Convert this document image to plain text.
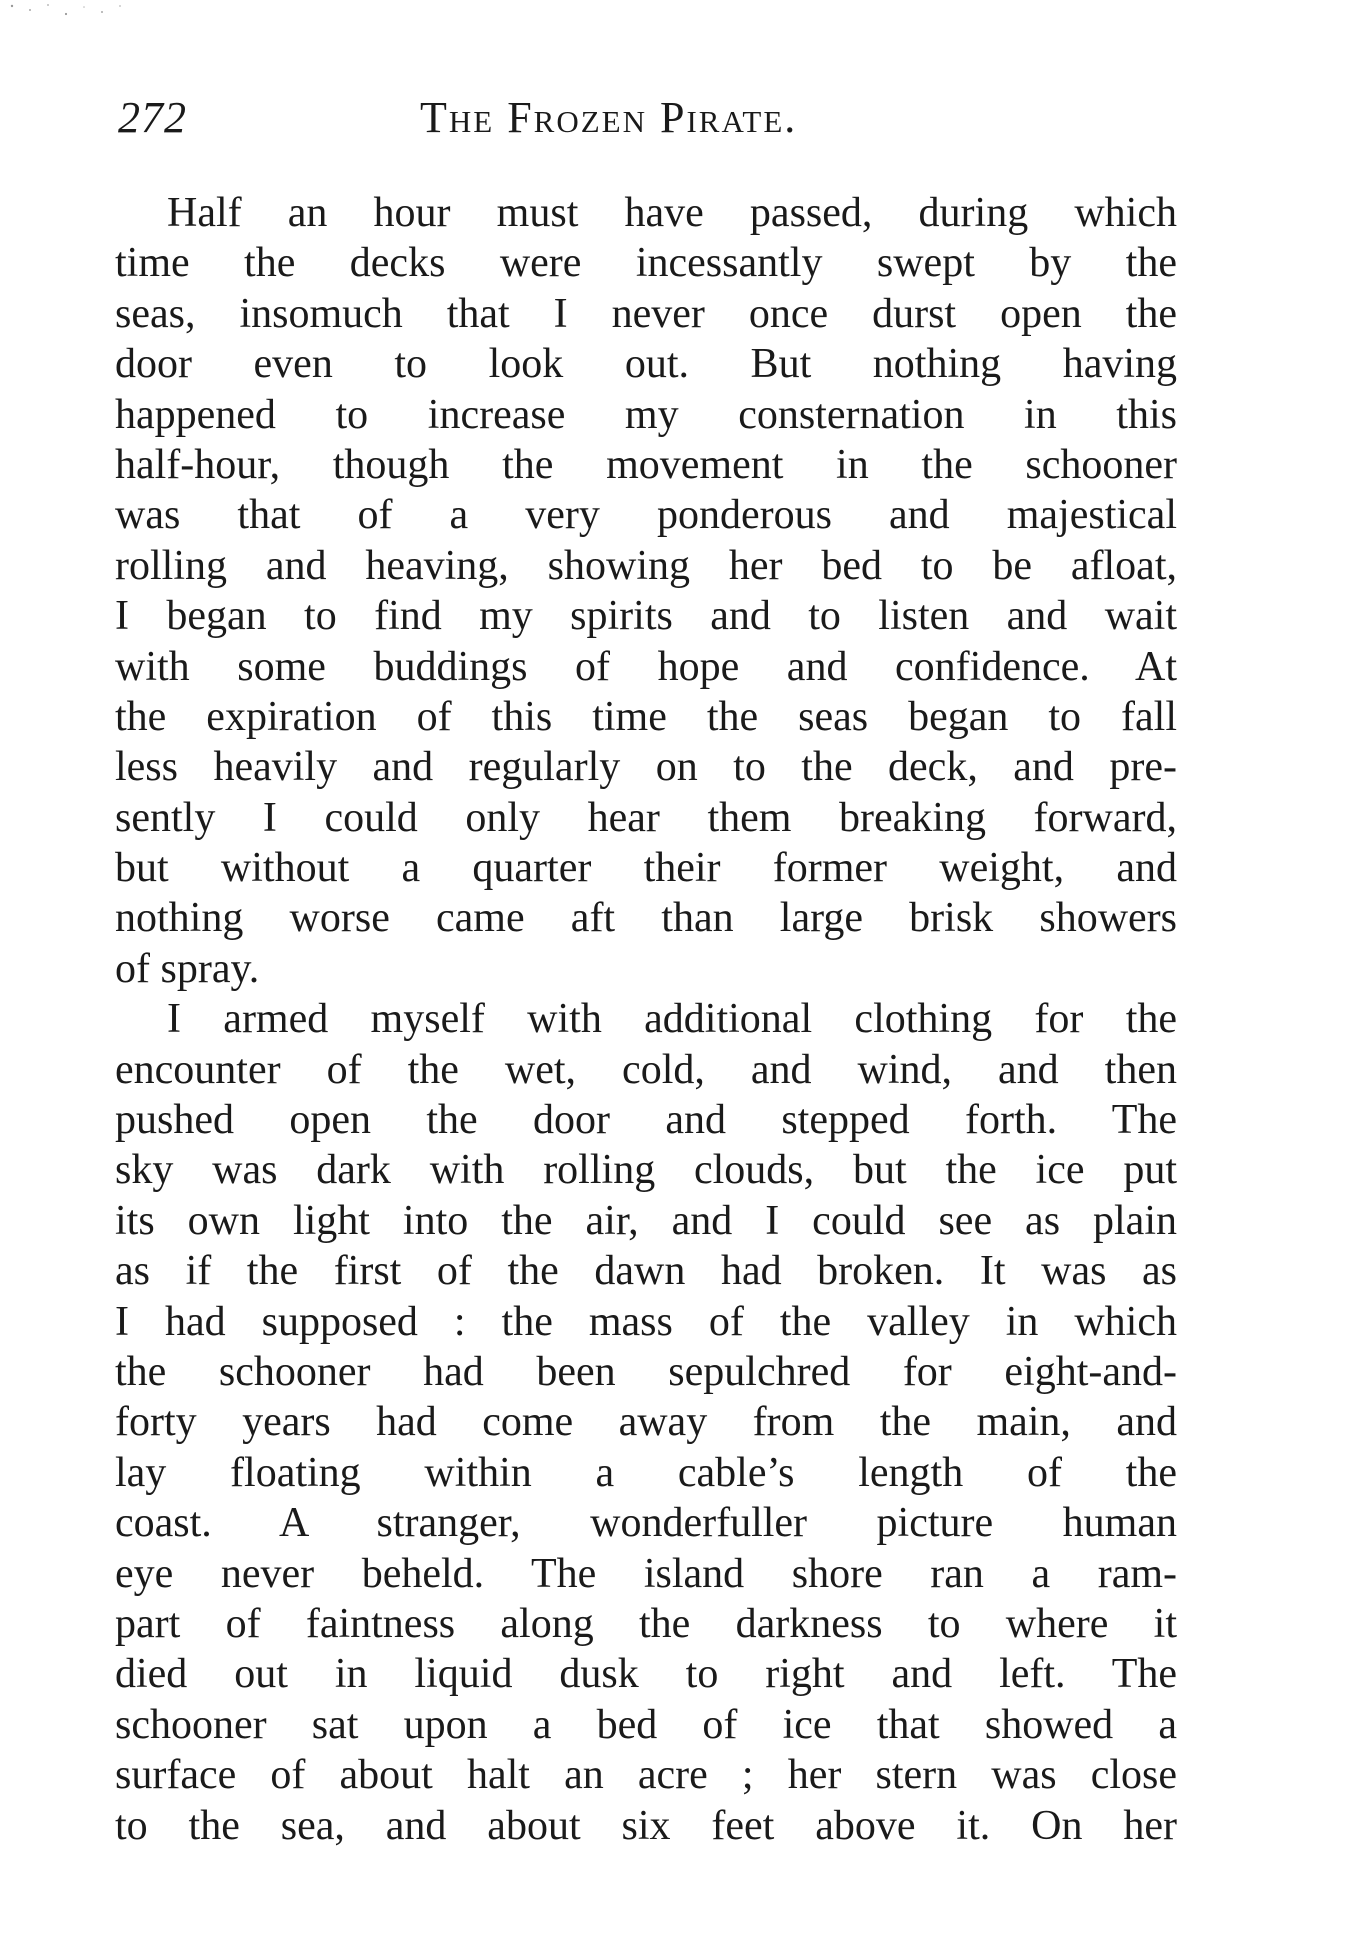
272	The Frozen Pirate.
Half an hour must have passed, during which
time the decks were incessantly swept by the
seas, insomuch that I never once durst open the
door even to look out. But nothing having
happened to increase my consternation in this
half-hour, though the movement in the schooner
was that of a very ponderous and majestical
rolling and heaving, showing her bed to be afloat,
I began to find my spirits and to listen and wait
with some buddings of hope and confidence. At
the expiration of this time the seas began to fall
less heavily and regularly on to the deck, and pre-
sently I could only hear them breaking forward,
but without a quarter their former weight, and
nothing worse came aft than large brisk showers
of spray.
I armed myself with additional clothing for the
encounter of the wet, cold, and wind, and then
pushed open the door and stepped forth. The
sky was dark with rolling clouds, but the ice put
its own light into the air, and I could see as plain
as if the first of the dawn had broken. It was as
I had supposed : the mass of the valley in which
the schooner had been sepulchred for eight-and-
forty years had come away from the main, and
lay floating within a cable’s length of the
coast. A stranger, wonderfuller picture human
eye never beheld. The island shore ran a ram-
part of faintness along the darkness to where it
died out in liquid dusk to right and left. The
schooner sat upon a bed of ice that showed a
surface of about halt an acre ; her stern was close
to the sea, and about six feet above it. On her
